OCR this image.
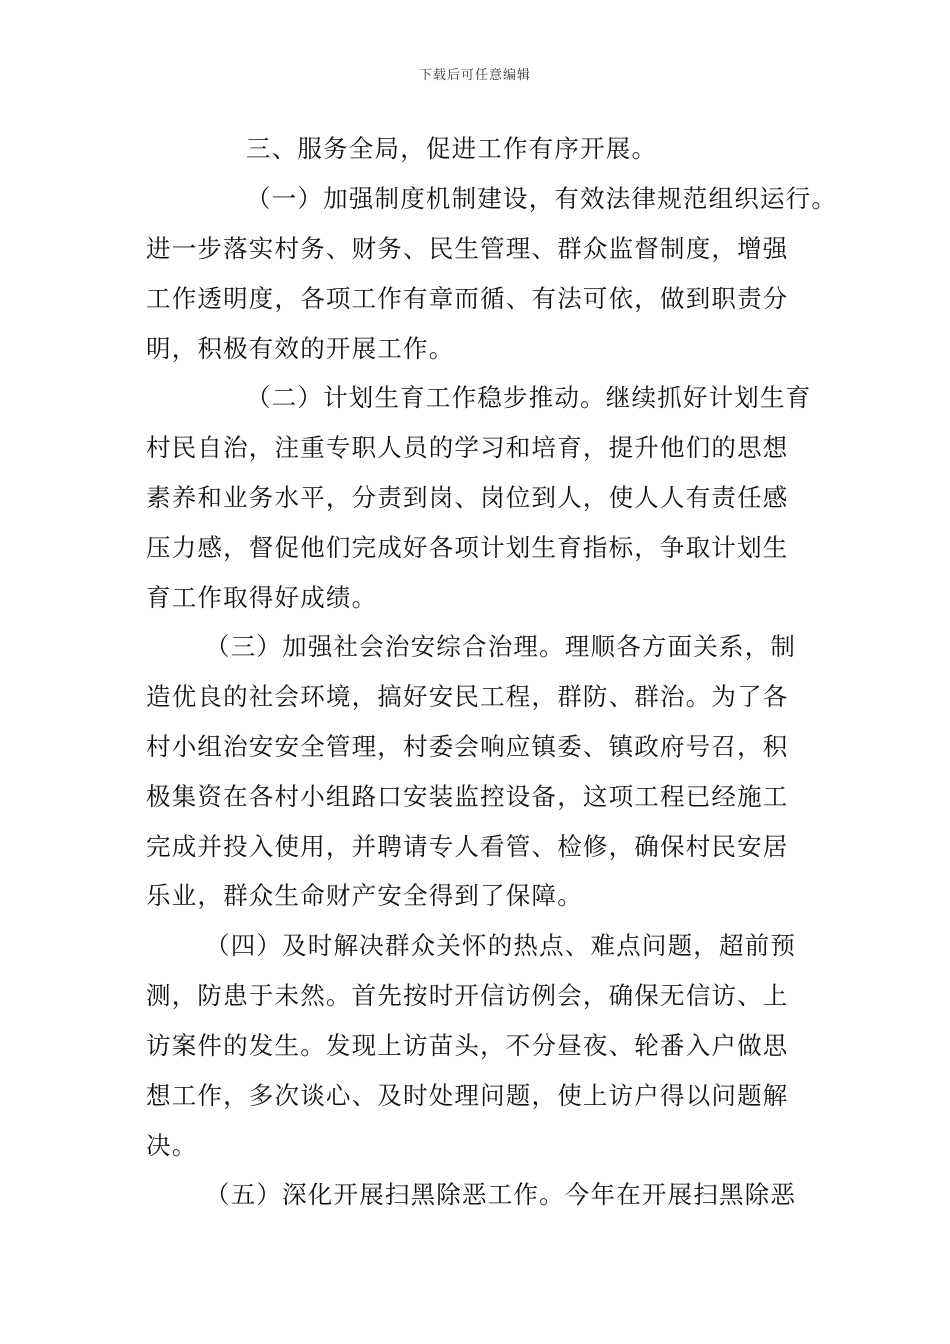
下载后可任意编辑
三、服务全局，促进工作有序开展。
（一）加强制度机制建设，有效法律规范组织运行。
进一步落实村务、财务、民生管理、群众监督制度，增强
工作透明度，各项工作有章而循、有法可依，做到职责分
明，积极有效的开展工作。
（二）计划生育工作稳步推动。继续抓好计划生育
村民自治，注重专职人员的学习和培育，提升他们的思想
素养和业务水平，分责到岗、岗位到人，使人人有责任感
压力感，督促他们完成好各项计划生育指标，争取计划生
育工作取得好成绩。
（三）加强社会治安综合治理。理顺各方面关系，制
造优良的社会环境，搞好安民工程，群防、群治。为了各
村小组治安安全管理，村委会响应镇委、镇政府号召，积
极集资在各村小组路口安装监控设备，这项工程已经施工
完成并投入使用，并聘请专人看管、检修，确保村民安居
乐业，群众生命财产安全得到了保障。
（四）及时解决群众关怀的热点、难点问题，超前预
测，防患于未然。首先按时开信访例会，确保无信访、上
访案件的发生。发现上访苗头，不分昼夜、轮番入户做思
想工作，多次谈心、及时处理问题，使上访户得以问题解
决。
（五）深化开展扫黑除恶工作。今年在开展扫黑除恶
